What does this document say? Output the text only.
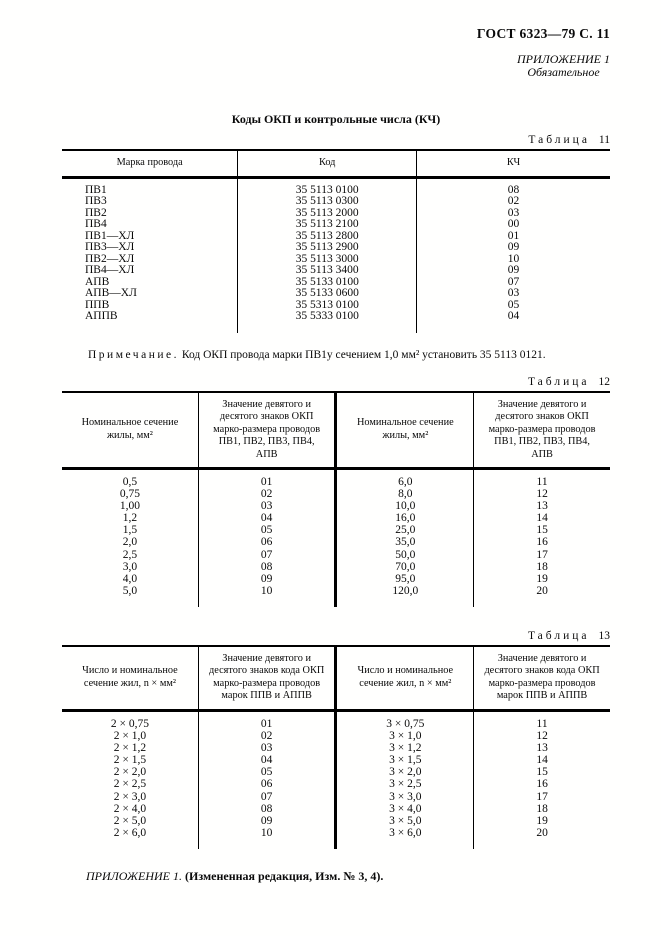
ГОСТ 6323—79 С. 11
ПРИЛОЖЕНИЕ 1
Обязательное
Коды ОКП и контрольные числа (КЧ)
Таблица 11
Марка провода	Код	КЧ
ПВ1	35 5113 0100	08
ПВ3	35 5113 0300	02
ПВ2	35 5113 2000	03
ПВ4	35 5113 2100	00
ПВ1—ХЛ	35 5113 2800	01
ПВ3—ХЛ	35 5113 2900	09
ПВ2—ХЛ	35 5113 3000	10
ПВ4—ХЛ	35 5113 3400	09
АПВ	35 5133 0100	07
АПВ—ХЛ	35 5133 0600	03
ППВ	35 5313 0100	05
АППВ	35 5333 0100	04
Примечание. Код ОКП провода марки ПВ1у сечением 1,0 мм² установить 35 5113 0121.
Таблица 12
Номинальное сечение жилы, мм²	Значение девятого и десятого знаков ОКП марко-размера проводов ПВ1, ПВ2, ПВ3, ПВ4, АПВ	Номинальное сечение жилы, мм²	Значение девятого и десятого знаков ОКП марко-размера проводов ПВ1, ПВ2, ПВ3, ПВ4, АПВ
0,5	01	6,0	11
0,75	02	8,0	12
1,00	03	10,0	13
1,2	04	16,0	14
1,5	05	25,0	15
2,0	06	35,0	16
2,5	07	50,0	17
3,0	08	70,0	18
4,0	09	95,0	19
5,0	10	120,0	20
Таблица 13
Число и номинальное сечение жил, n × мм²	Значение девятого и десятого знаков кода ОКП марко-размера проводов марок ППВ и АППВ	Число и номинальное сечение жил, n × мм²	Значение девятого и десятого знаков кода ОКП марко-размера проводов марок ППВ и АППВ
2 × 0,75	01	3 × 0,75	11
2 × 1,0	02	3 × 1,0	12
2 × 1,2	03	3 × 1,2	13
2 × 1,5	04	3 × 1,5	14
2 × 2,0	05	3 × 2,0	15
2 × 2,5	06	3 × 2,5	16
2 × 3,0	07	3 × 3,0	17
2 × 4,0	08	3 × 4,0	18
2 × 5,0	09	3 × 5,0	19
2 × 6,0	10	3 × 6,0	20
ПРИЛОЖЕНИЕ 1. (Измененная редакция, Изм. № 3, 4).
